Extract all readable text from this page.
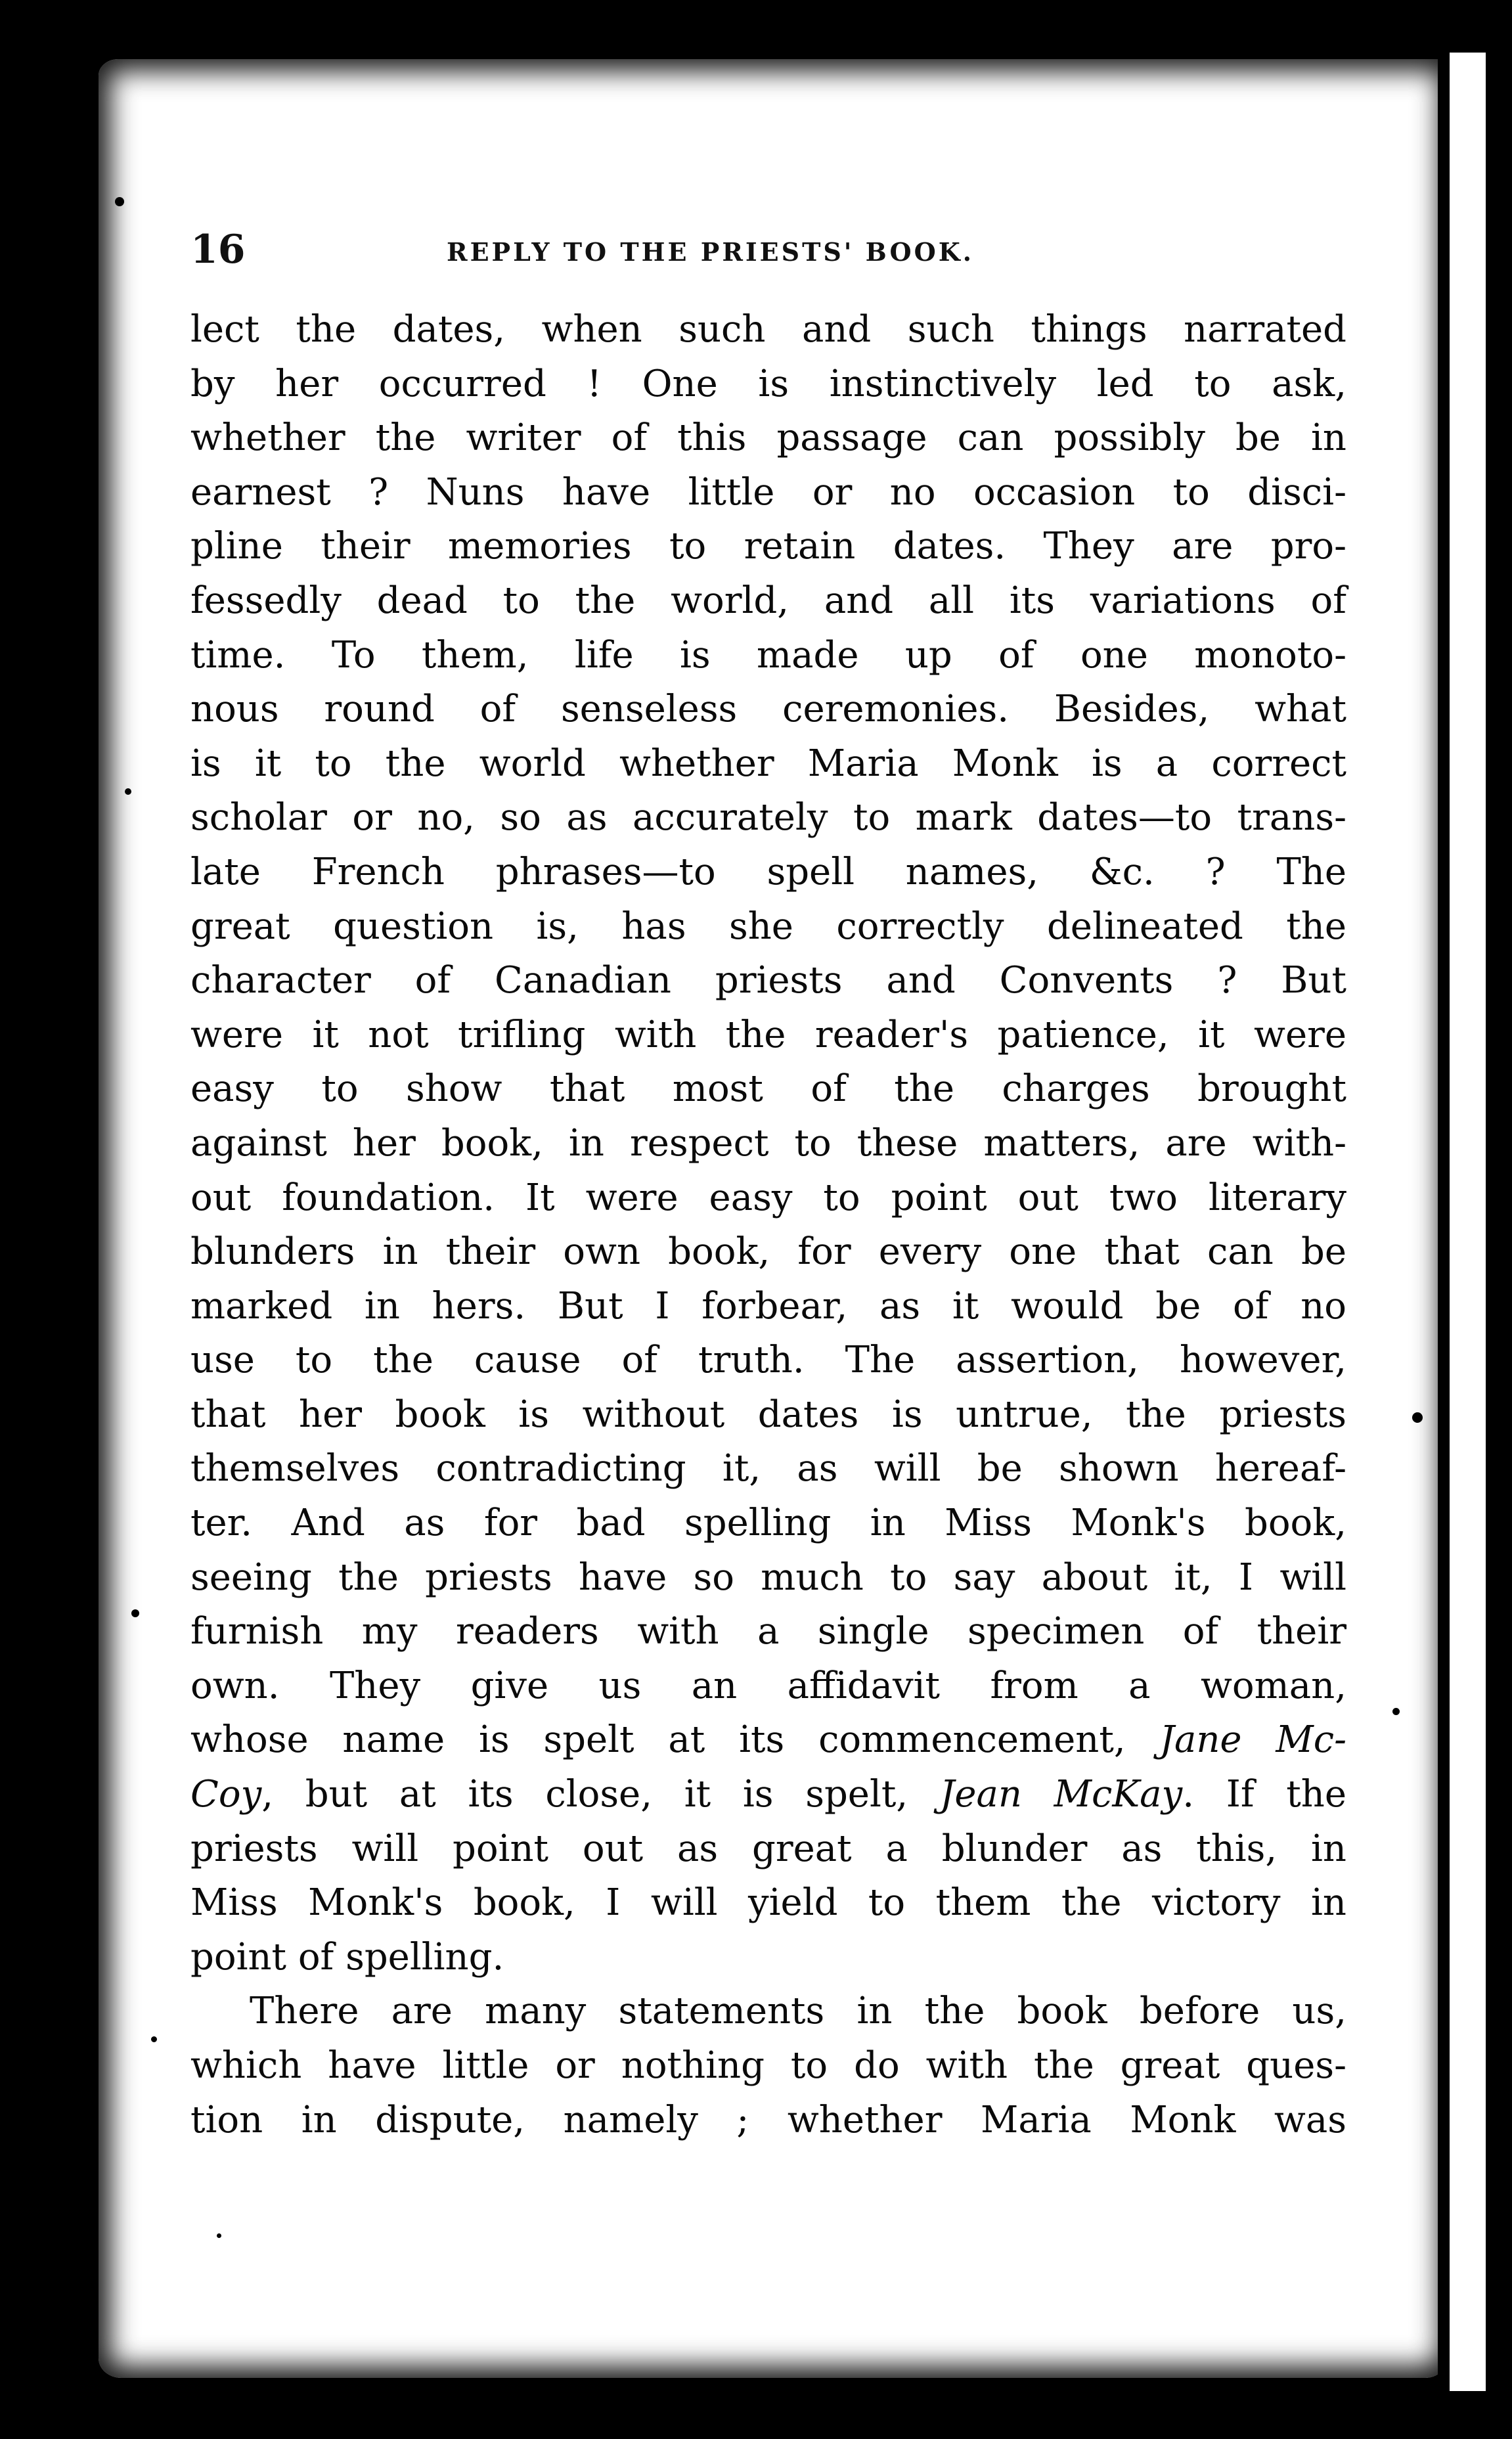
16	REPLY TO THE PRIESTS' BOOK.
lect the dates, when such and such things narrated
by her occurred ! One is instinctively led to ask,
whether the writer of this passage can possibly be in
earnest ? Nuns have little or no occasion to disci-
pline their memories to retain dates. They are pro-
fessedly dead to the world, and all its variations of
time. To them, life is made up of one monoto-
nous round of senseless ceremonies. Besides, what
is it to the world whether Maria Monk is a correct
scholar or no, so as accurately to mark dates—to trans-
late French phrases—to spell names, &c. ? The
great question is, has she correctly delineated the
character of Canadian priests and Convents ? But
were it not trifling with the reader's patience, it were
easy to show that most of the charges brought
against her book, in respect to these matters, are with-
out foundation. It were easy to point out two literary
blunders in their own book, for every one that can be
marked in hers. But I forbear, as it would be of no
use to the cause of truth. The assertion, however,
that her book is without dates is untrue, the priests
themselves contradicting it, as will be shown hereaf-
ter. And as for bad spelling in Miss Monk's book,
seeing the priests have so much to say about it, I will
furnish my readers with a single specimen of their
own. They give us an affidavit from a woman,
whose name is spelt at its commencement, Jane Mc-
Coy, but at its close, it is spelt, Jean McKay. If the
priests will point out as great a blunder as this, in
Miss Monk's book, I will yield to them the victory in
point of spelling.
There are many statements in the book before us,
which have little or nothing to do with the great ques-
tion in dispute, namely ; whether Maria Monk was
